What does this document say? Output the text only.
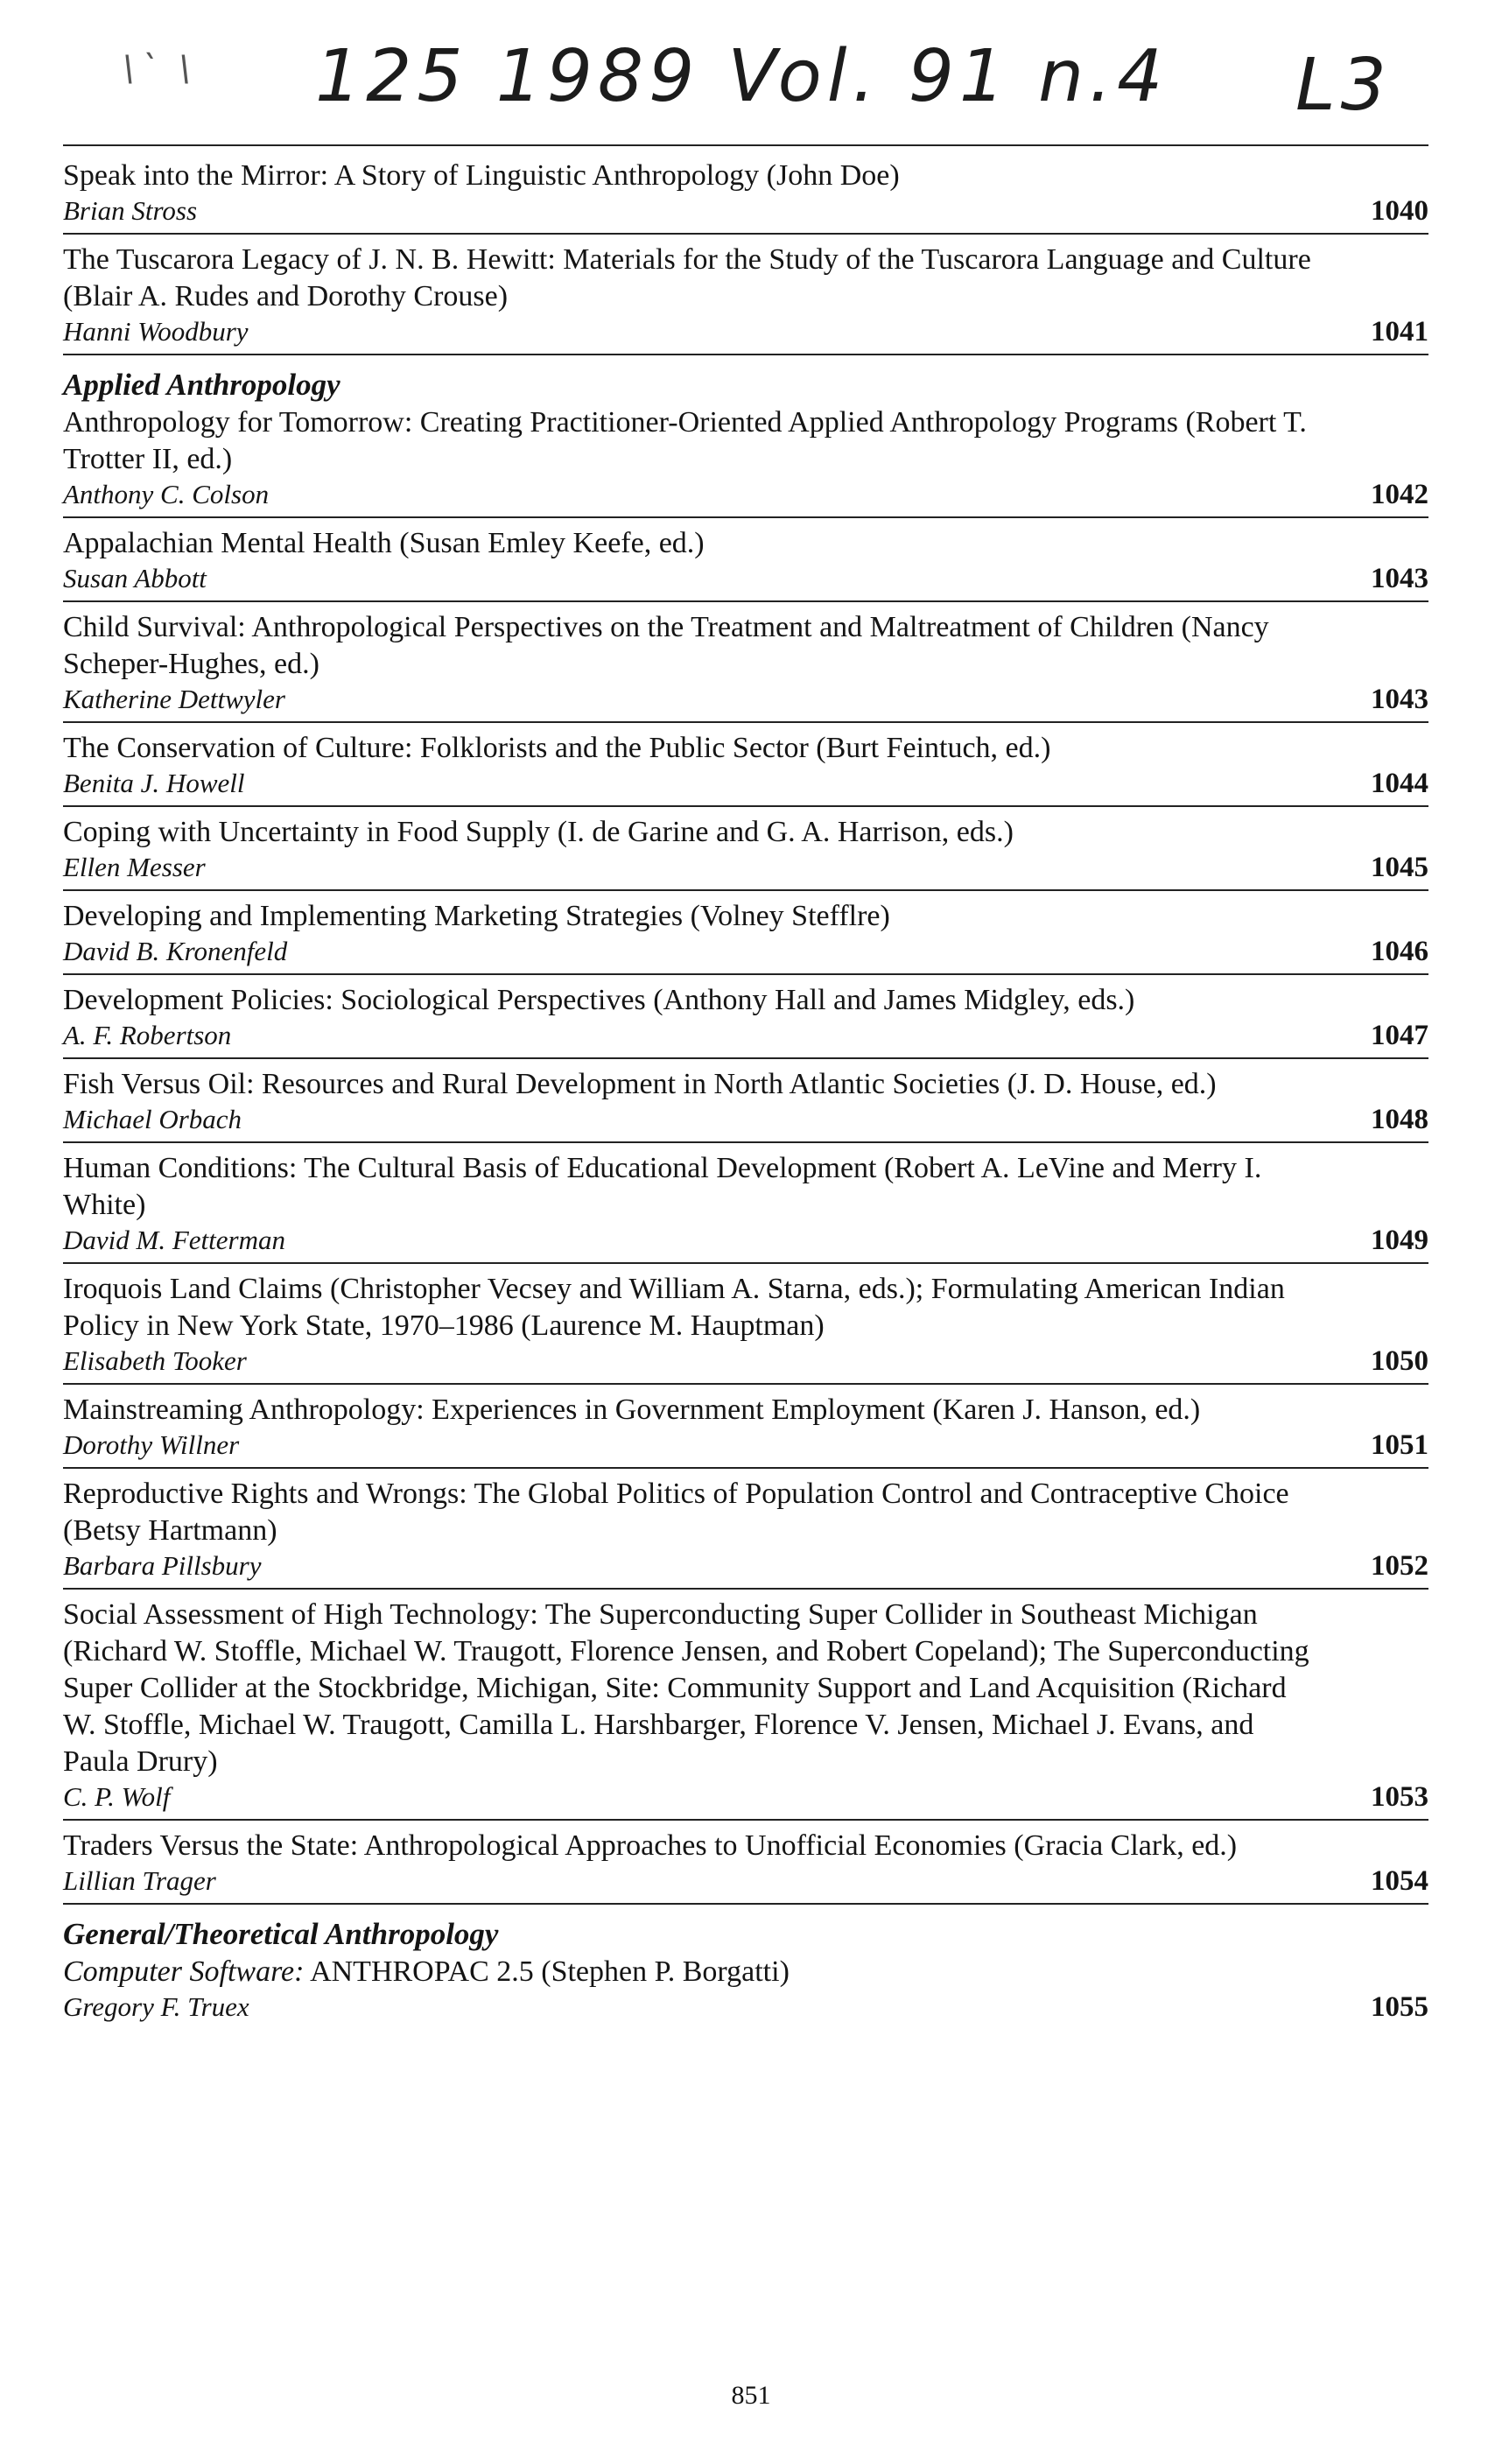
\ˋ \ 125 1989 Vol. 91 n.4 L3
Speak into the Mirror: A Story of Linguistic Anthropology (John Doe)
Brian Stross	1040
The Tuscarora Legacy of J. N. B. Hewitt: Materials for the Study of the Tuscarora Language and Culture (Blair A. Rudes and Dorothy Crouse)
Hanni Woodbury	1041
Applied Anthropology
Anthropology for Tomorrow: Creating Practitioner-Oriented Applied Anthropology Programs (Robert T. Trotter II, ed.)
Anthony C. Colson	1042
Appalachian Mental Health (Susan Emley Keefe, ed.)
Susan Abbott	1043
Child Survival: Anthropological Perspectives on the Treatment and Maltreatment of Children (Nancy Scheper-Hughes, ed.)
Katherine Dettwyler	1043
The Conservation of Culture: Folklorists and the Public Sector (Burt Feintuch, ed.)
Benita J. Howell	1044
Coping with Uncertainty in Food Supply (I. de Garine and G. A. Harrison, eds.)
Ellen Messer	1045
Developing and Implementing Marketing Strategies (Volney Stefflre)
David B. Kronenfeld	1046
Development Policies: Sociological Perspectives (Anthony Hall and James Midgley, eds.)
A. F. Robertson	1047
Fish Versus Oil: Resources and Rural Development in North Atlantic Societies (J. D. House, ed.)
Michael Orbach	1048
Human Conditions: The Cultural Basis of Educational Development (Robert A. LeVine and Merry I. White)
David M. Fetterman	1049
Iroquois Land Claims (Christopher Vecsey and William A. Starna, eds.); Formulating American Indian Policy in New York State, 1970–1986 (Laurence M. Hauptman)
Elisabeth Tooker	1050
Mainstreaming Anthropology: Experiences in Government Employment (Karen J. Hanson, ed.)
Dorothy Willner	1051
Reproductive Rights and Wrongs: The Global Politics of Population Control and Contraceptive Choice (Betsy Hartmann)
Barbara Pillsbury	1052
Social Assessment of High Technology: The Superconducting Super Collider in Southeast Michigan (Richard W. Stoffle, Michael W. Traugott, Florence Jensen, and Robert Copeland); The Superconducting Super Collider at the Stockbridge, Michigan, Site: Community Support and Land Acquisition (Richard W. Stoffle, Michael W. Traugott, Camilla L. Harshbarger, Florence V. Jensen, Michael J. Evans, and Paula Drury)
C. P. Wolf	1053
Traders Versus the State: Anthropological Approaches to Unofficial Economies (Gracia Clark, ed.)
Lillian Trager	1054
General/Theoretical Anthropology
Computer Software: ANTHROPAC 2.5 (Stephen P. Borgatti)
Gregory F. Truex	1055
851
